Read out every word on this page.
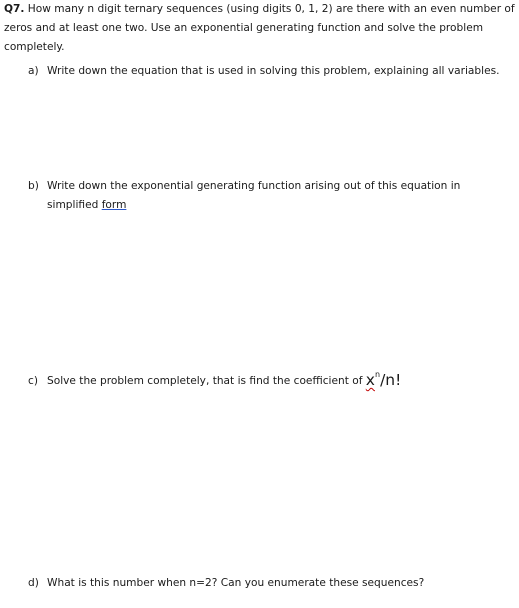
Q7. How many n digit ternary sequences (using digits 0, 1, 2) are there with an even number of zeros and at least one two. Use an exponential generating function and solve the problem completely.
a) Write down the equation that is used in solving this problem, explaining all variables.
b) Write down the exponential generating function arising out of this equation in
simplified form
c) Solve the problem completely, that is find the coefficient of $x^n/n$!
d) What is this number when n=2? Can you enumerate these sequences?
